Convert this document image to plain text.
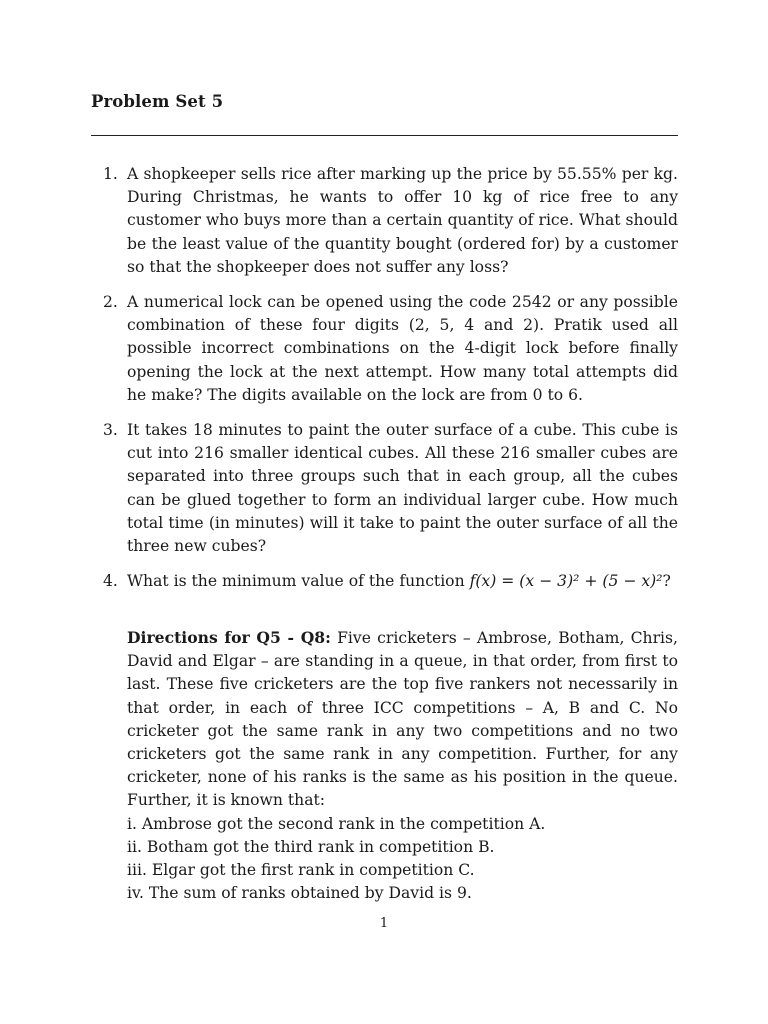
Problem Set 5
1. A shopkeeper sells rice after marking up the price by 55.55% per kg. During Christmas, he wants to offer 10 kg of rice free to any customer who buys more than a certain quantity of rice. What should be the least value of the quantity bought (ordered for) by a customer so that the shopkeeper does not suffer any loss?
2. A numerical lock can be opened using the code 2542 or any possible combination of these four digits (2, 5, 4 and 2). Pratik used all possible incorrect combinations on the 4-digit lock before finally opening the lock at the next attempt. How many total attempts did he make? The digits available on the lock are from 0 to 6.
3. It takes 18 minutes to paint the outer surface of a cube. This cube is cut into 216 smaller identical cubes. All these 216 smaller cubes are separated into three groups such that in each group, all the cubes can be glued together to form an individual larger cube. How much total time (in minutes) will it take to paint the outer surface of all the three new cubes?
4. What is the minimum value of the function f(x) = (x − 3)² + (5 − x)²?
Directions for Q5 - Q8: Five cricketers – Ambrose, Botham, Chris, David and Elgar – are standing in a queue, in that order, from first to last. These five cricketers are the top five rankers not necessarily in that order, in each of three ICC competitions – A, B and C. No cricketer got the same rank in any two competitions and no two cricketers got the same rank in any competition. Further, for any cricketer, none of his ranks is the same as his position in the queue. Further, it is known that:
i. Ambrose got the second rank in the competition A.
ii. Botham got the third rank in competition B.
iii. Elgar got the first rank in competition C.
iv. The sum of ranks obtained by David is 9.
1
